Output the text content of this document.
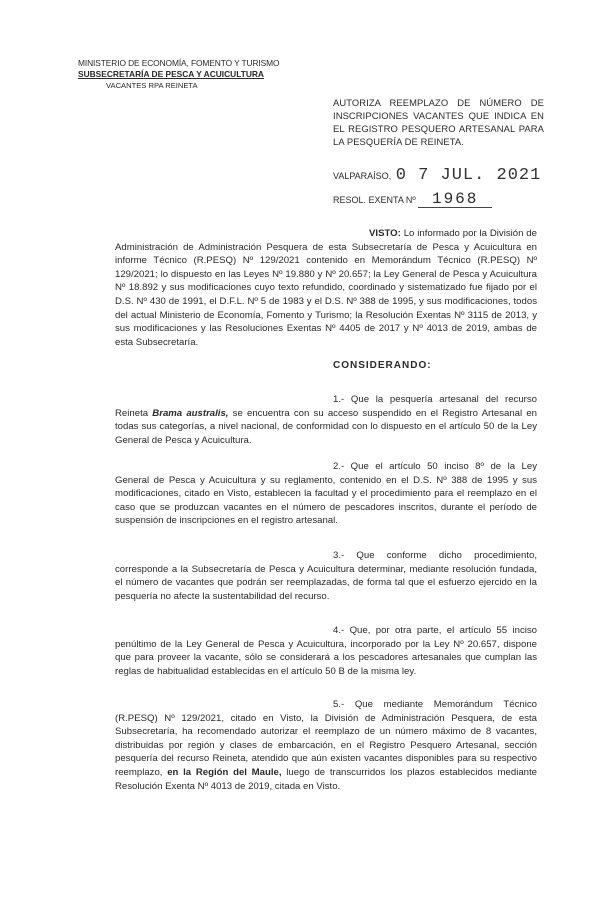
MINISTERIO DE ECONOMÍA, FOMENTO Y TURISMO
SUBSECRETARÍA DE PESCA Y ACUICULTURA
VACANTES RPA REINETA
AUTORIZA REEMPLAZO DE NÚMERO DE INSCRIPCIONES VACANTES QUE INDICA EN EL REGISTRO PESQUERO ARTESANAL PARA LA PESQUERÍA DE REINETA.
VALPARAÍSO, 0 7 JUL. 2021
RESOL. EXENTA Nº 1968

VISTO: Lo informado por la División de Administración de Administración Pesquera de esta Subsecretaría de Pesca y Acuicultura en informe Técnico (R.PESQ) Nº 129/2021 contenido en Memorándum Técnico (R.PESQ) Nº 129/2021; lo dispuesto en las Leyes Nº 19.880 y Nº 20.657; la Ley General de Pesca y Acuicultura Nº 18.892 y sus modificaciones cuyo texto refundido, coordinado y sistematizado fue fijado por el D.S. Nº 430 de 1991, el D.F.L. Nº 5 de 1983 y el D.S. Nº 388 de 1995, y sus modificaciones, todos del actual Ministerio de Economía, Fomento y Turismo; la Resolución Exentas Nº 3115 de 2013, y sus modificaciones y las Resoluciones Exentas Nº 4405 de 2017 y Nº 4013 de 2019, ambas de esta Subsecretaría.

CONSIDERANDO:

1.- Que la pesquería artesanal del recurso Reineta Brama australis, se encuentra con su acceso suspendido en el Registro Artesanal en todas sus categorías, a nivel nacional, de conformidad con lo dispuesto en el artículo 50 de la Ley General de Pesca y Acuicultura.

2.- Que el artículo 50 inciso 8º de la Ley General de Pesca y Acuicultura y su reglamento, contenido en el D.S. Nº 388 de 1995 y sus modificaciones, citado en Visto, establecen la facultad y el procedimiento para el reemplazo en el caso que se produzcan vacantes en el número de pescadores inscritos, durante el período de suspensión de inscripciones en el registro artesanal.

3.- Que conforme dicho procedimiento, corresponde a la Subsecretaría de Pesca y Acuicultura determinar, mediante resolución fundada, el número de vacantes que podrán ser reemplazadas, de forma tal que el esfuerzo ejercido en la pesquería no afecte la sustentabilidad del recurso.

4.- Que, por otra parte, el artículo 55 inciso penúltimo de la Ley General de Pesca y Acuicultura, incorporado por la Ley Nº 20.657, dispone que para proveer la vacante, sólo se considerará a los pescadores artesanales que cumplan las reglas de habitualidad establecidas en el artículo 50 B de la misma ley.

5.- Que mediante Memorándum Técnico (R.PESQ) Nº 129/2021, citado en Visto, la División de Administración Pesquera, de esta Subsecretaría, ha recomendado autorizar el reemplazo de un número máximo de 8 vacantes, distribuidas por región y clases de embarcación, en el Registro Pesquero Artesanal, sección pesquería del recurso Reineta, atendido que aún existen vacantes disponibles para su respectivo reemplazo, en la Región del Maule, luego de transcurridos los plazos establecidos mediante Resolución Exenta Nº 4013 de 2019, citada en Visto.
